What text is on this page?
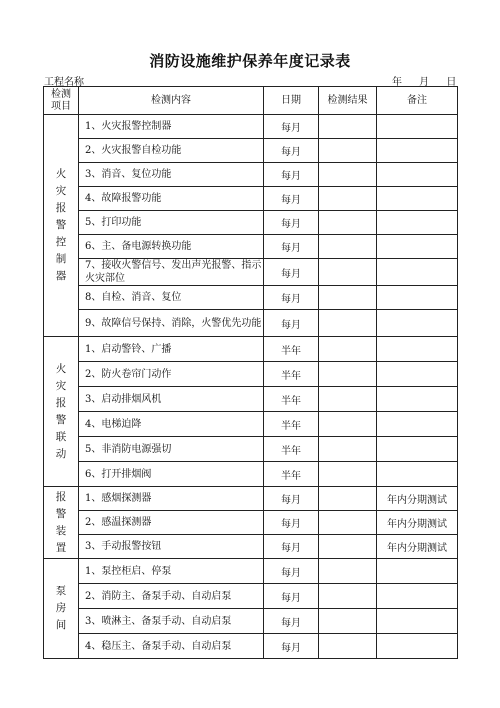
消防设施维护保养年度记录表
工程名称	年 月 日
检测项目	检测内容	日期	检测结果	备注
火灾报警控制器	1、火灾报警控制器	每月		
	2、火灾报警自检功能	每月		
	3、消音、复位功能	每月		
	4、故障报警功能	每月		
	5、打印功能	每月		
	6、主、备电源转换功能	每月		
	7、接收火警信号、发出声光报警、指示火灾部位	每月		
	8、自检、消音、复位	每月		
	9、故障信号保持、消除，火警优先功能	每月		
火灾报警联动	1、启动警铃、广播	半年		
	2、防火卷帘门动作	半年		
	3、启动排烟风机	半年		
	4、电梯迫降	半年		
	5、非消防电源强切	半年		
	6、打开排烟阀	半年		
报警装置	1、感烟探测器	每月		年内分期测试
	2、感温探测器	每月		年内分期测试
	3、手动报警按钮	每月		年内分期测试
泵房间	1、泵控柜启、停泵	每月		
	2、消防主、备泵手动、自动启泵	每月		
	3、喷淋主、备泵手动、自动启泵	每月		
	4、稳压主、备泵手动、自动启泵	每月		
